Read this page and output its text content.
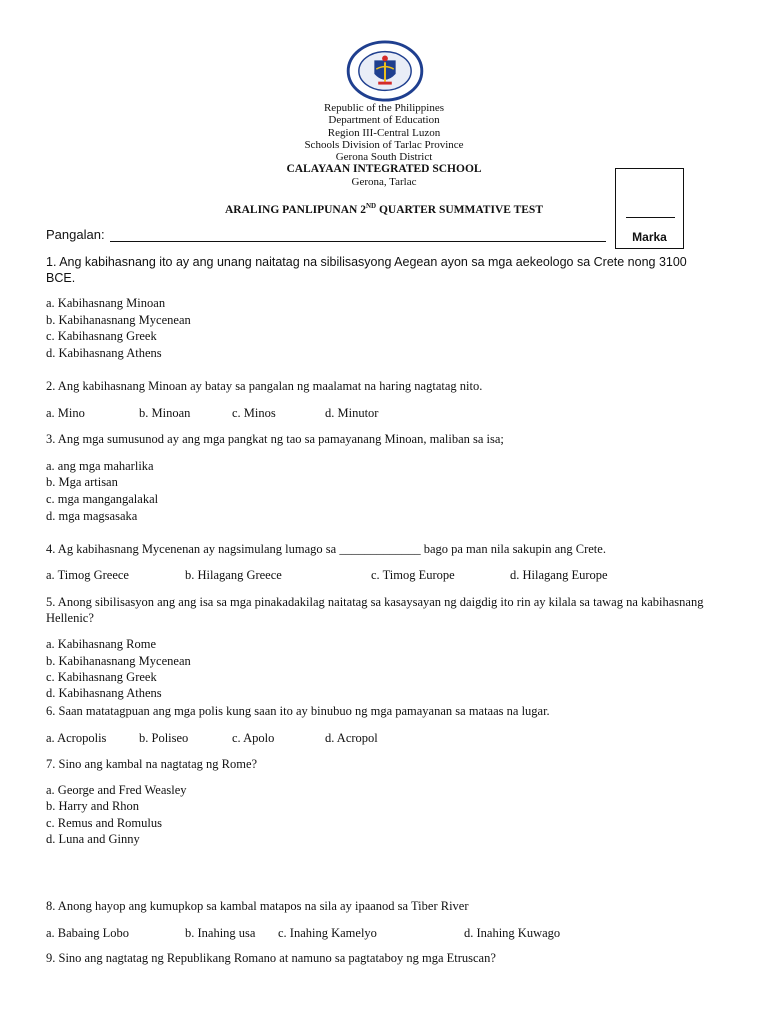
Republic of the Philippines
Department of Education
Region III-Central Luzon
Schools Division of Tarlac Province
Gerona South District
CALAYAAN INTEGRATED SCHOOL
Gerona, Tarlac
ARALING PANLIPUNAN 2ND QUARTER SUMMATIVE TEST
Marka
Pangalan:
1. Ang kabihasnang ito ay ang unang naitatag na sibilisasyong Aegean ayon sa mga aekeologo sa Crete nong 3100 BCE.
a. Kabihasnang Minoan
b. Kabihanasnang Mycenean
c. Kabihasnang Greek
d. Kabihasnang Athens
2. Ang kabihasnang Minoan ay batay sa pangalan ng maalamat na haring nagtatag nito.
a. Mino	b. Minoan	c. Minos	d. Minutor
3. Ang mga sumusunod ay ang mga pangkat ng tao sa pamayanang Minoan, maliban sa isa;
a. ang mga maharlika
b. Mga artisan
c. mga mangangalakal
d. mga magsasaka
4. Ag kabihasnang Mycenenan ay nagsimulang lumago sa _____________ bago pa man nila sakupin ang Crete.
a. Timog Greece	b. Hilagang Greece	c. Timog Europe	d. Hilagang Europe
5. Anong sibilisasyon ang ang isa sa mga pinakadakilag naitatag sa kasaysayan ng daigdig ito rin ay kilala sa tawag na kabihasnang Hellenic?
a. Kabihasnang Rome
b. Kabihanasnang Mycenean
c. Kabihasnang Greek
d. Kabihasnang Athens
6. Saan matatagpuan ang mga polis kung saan ito ay binubuo ng mga pamayanan sa mataas na lugar.
a. Acropolis	b. Poliseo	c. Apolo	d. Acropol
7. Sino ang kambal na nagtatag ng Rome?
a. George and Fred Weasley
b. Harry and Rhon
c. Remus and Romulus
d. Luna and Ginny
8. Anong hayop ang kumupkop sa kambal matapos na sila ay ipaanod sa Tiber River
a. Babaing Lobo	b. Inahing usa c. Inahing Kamelyo	d. Inahing Kuwago
9. Sino ang nagtatag ng Republikang Romano at namuno sa pagtataboy ng mga Etruscan?
